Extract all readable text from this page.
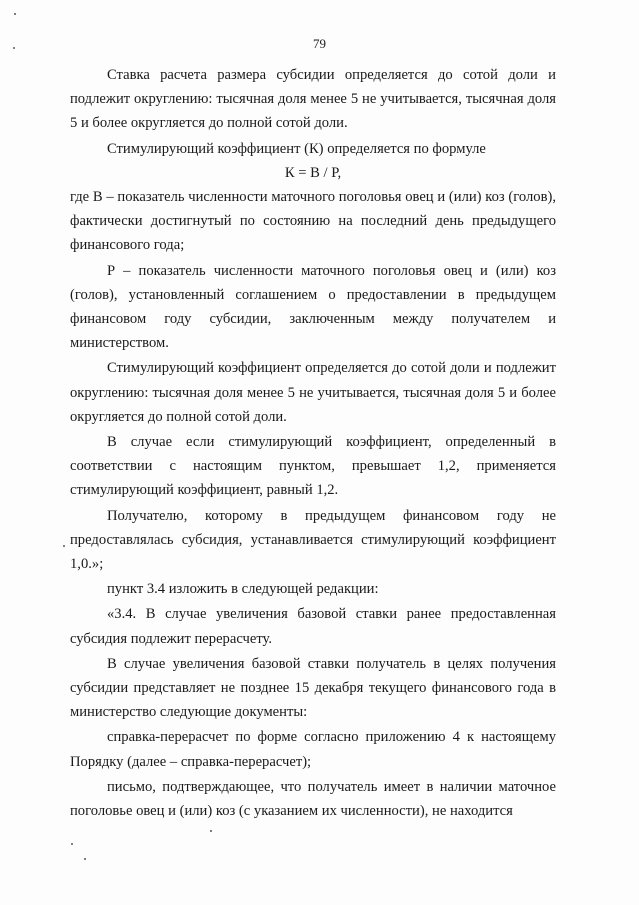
79

Ставка расчета размера субсидии определяется до сотой доли и подлежит округлению: тысячная доля менее 5 не учитывается, тысячная доля 5 и более округляется до полной сотой доли.

Стимулирующий коэффициент (К) определяется по формуле

К = В / Р,

где В – показатель численности маточного поголовья овец и (или) коз (голов), фактически достигнутый по состоянию на последний день предыдущего финансового года;

Р – показатель численности маточного поголовья овец и (или) коз (голов), установленный соглашением о предоставлении в предыдущем финансовом году субсидии, заключенным между получателем и министерством.

Стимулирующий коэффициент определяется до сотой доли и подлежит округлению: тысячная доля менее 5 не учитывается, тысячная доля 5 и более округляется до полной сотой доли.

В случае если стимулирующий коэффициент, определенный в соответствии с настоящим пунктом, превышает 1,2, применяется стимулирующий коэффициент, равный 1,2.

Получателю, которому в предыдущем финансовом году не предоставлялась субсидия, устанавливается стимулирующий коэффициент 1,0.»;

пункт 3.4 изложить в следующей редакции:

«3.4. В случае увеличения базовой ставки ранее предоставленная субсидия подлежит перерасчету.

В случае увеличения базовой ставки получатель в целях получения субсидии представляет не позднее 15 декабря текущего финансового года в министерство следующие документы:

справка-перерасчет по форме согласно приложению 4 к настоящему Порядку (далее – справка-перерасчет);

письмо, подтверждающее, что получатель имеет в наличии маточное поголовье овец и (или) коз (с указанием их численности), не находится
